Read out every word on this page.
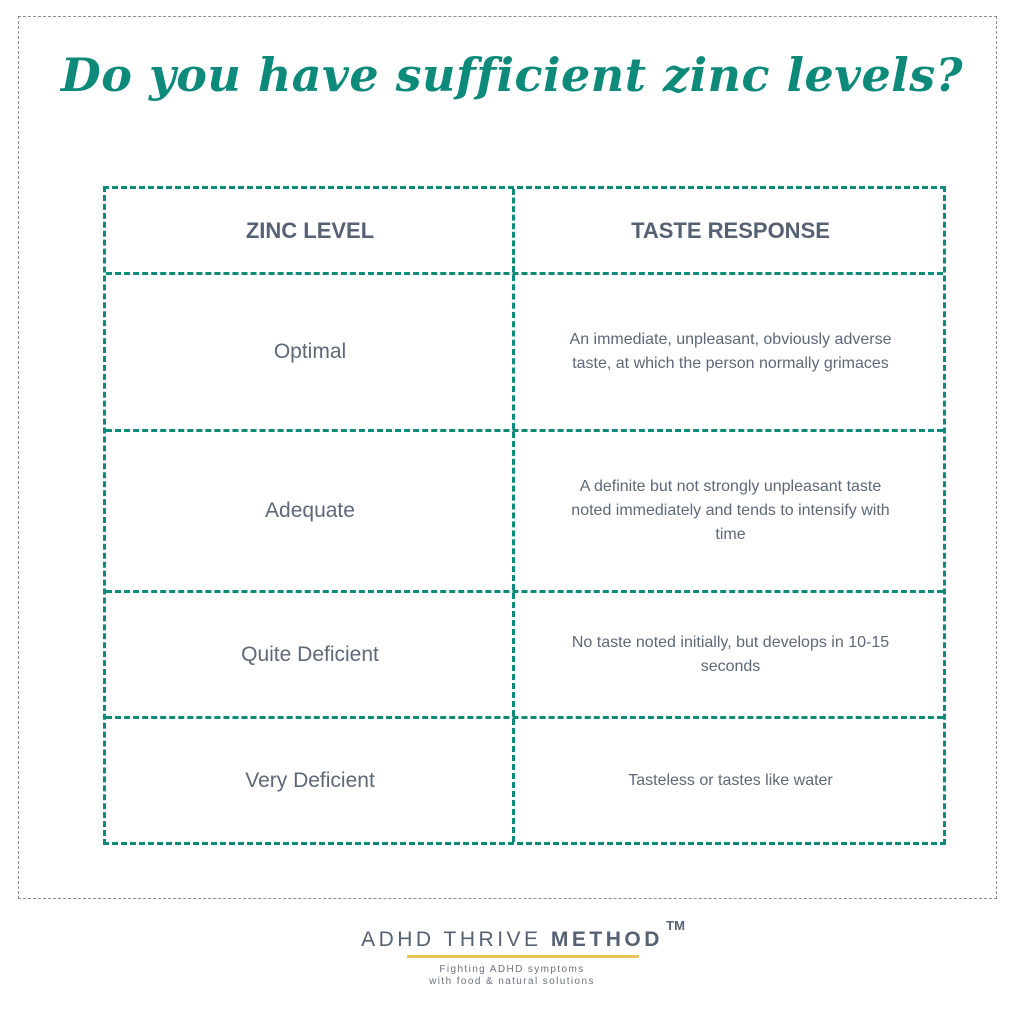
Do you have sufficient zinc levels?
ZINC LEVEL	TASTE RESPONSE
Optimal
An immediate, unpleasant, obviously adverse taste, at which the person normally grimaces
Adequate
A definite but not strongly unpleasant taste noted immediately and tends to intensify with time
Quite Deficient
No taste noted initially, but develops in 10-15 seconds
Very Deficient	Tasteless or tastes like water
ADHD THRIVE METHOD
TM
Fighting ADHD symptoms
with food & natural solutions
